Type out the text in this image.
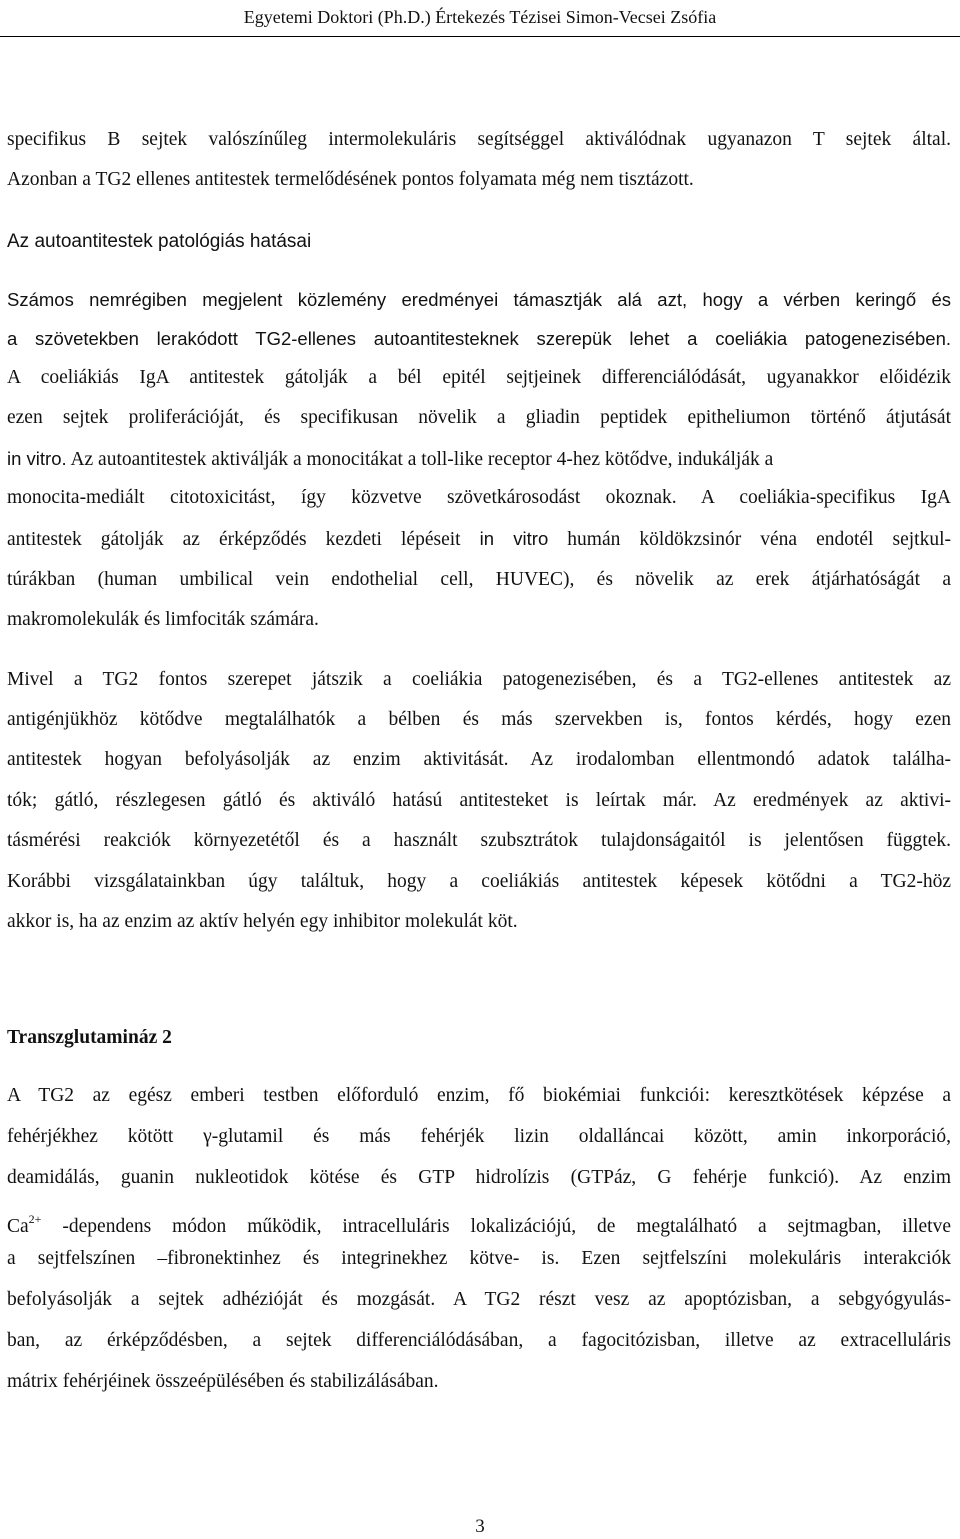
Egyetemi Doktori (Ph.D.) Értekezés Tézisei Simon-Vecsei Zsófia
specifikus B sejtek valószínűleg intermolekuláris segítséggel aktiválódnak ugyanazon T sejtek által.
Azonban a TG2 ellenes antitestek termelődésének pontos folyamata még nem tisztázott.
Az autoantitestek patológiás hatásai
Számos nemrégiben megjelent közlemény eredményei támasztják alá azt, hogy a vérben keringő és
a szövetekben lerakódott TG2-ellenes autoantitesteknek szerepük lehet a coeliákia patogenezisében.
A coeliákiás IgA antitestek gátolják a bél epitél sejtjeinek differenciálódását, ugyanakkor előidézik
ezen sejtek proliferációját, és specifikusan növelik a gliadin peptidek epitheliumon történő átjutását
in vitro. Az autoantitestek aktiválják a monocitákat a toll-like receptor 4-hez kötődve, indukálják a
monocita-mediált citotoxicitást, így közvetve szövetkárosodást okoznak. A coeliákia-specifikus IgA
antitestek gátolják az érképződés kezdeti lépéseit in vitro humán köldökzsinór véna endotél sejtkul-
túrákban (human umbilical vein endothelial cell, HUVEC), és növelik az erek átjárhatóságát a
makromolekulák és limfociták számára.
Mivel a TG2 fontos szerepet játszik a coeliákia patogenezisében, és a TG2-ellenes antitestek az
antigénjükhöz kötődve megtalálhatók a bélben és más szervekben is, fontos kérdés, hogy ezen
antitestek hogyan befolyásolják az enzim aktivitását. Az irodalomban ellentmondó adatok találha-
tók; gátló, részlegesen gátló és aktiváló hatású antitesteket is leírtak már. Az eredmények az aktivi-
tásmérési reakciók környezetétől és a használt szubsztrátok tulajdonságaitól is jelentősen függtek.
Korábbi vizsgálatainkban úgy találtuk, hogy a coeliákiás antitestek képesek kötődni a TG2-höz
akkor is, ha az enzim az aktív helyén egy inhibitor molekulát köt.
Transzglutamináz 2
A TG2 az egész emberi testben előforduló enzim, fő biokémiai funkciói: keresztkötések képzése a
fehérjékhez kötött γ-glutamil és más fehérjék lizin oldalláncai között, amin inkorporáció,
deamidálás, guanin nukleotidok kötése és GTP hidrolízis (GTPáz, G fehérje funkció). Az enzim
$Ca^{2+}$ -dependens módon működik, intracelluláris lokalizációjú, de megtalálható a sejtmagban, illetve
a sejtfelszínen –fibronektinhez és integrinekhez kötve- is. Ezen sejtfelszíni molekuláris interakciók
befolyásolják a sejtek adhézióját és mozgását. A TG2 részt vesz az apoptózisban, a sebgyógyulás-
ban, az érképződésben, a sejtek differenciálódásában, a fagocitózisban, illetve az extracelluláris
mátrix fehérjéinek összeépülésében és stabilizálásában.
3
